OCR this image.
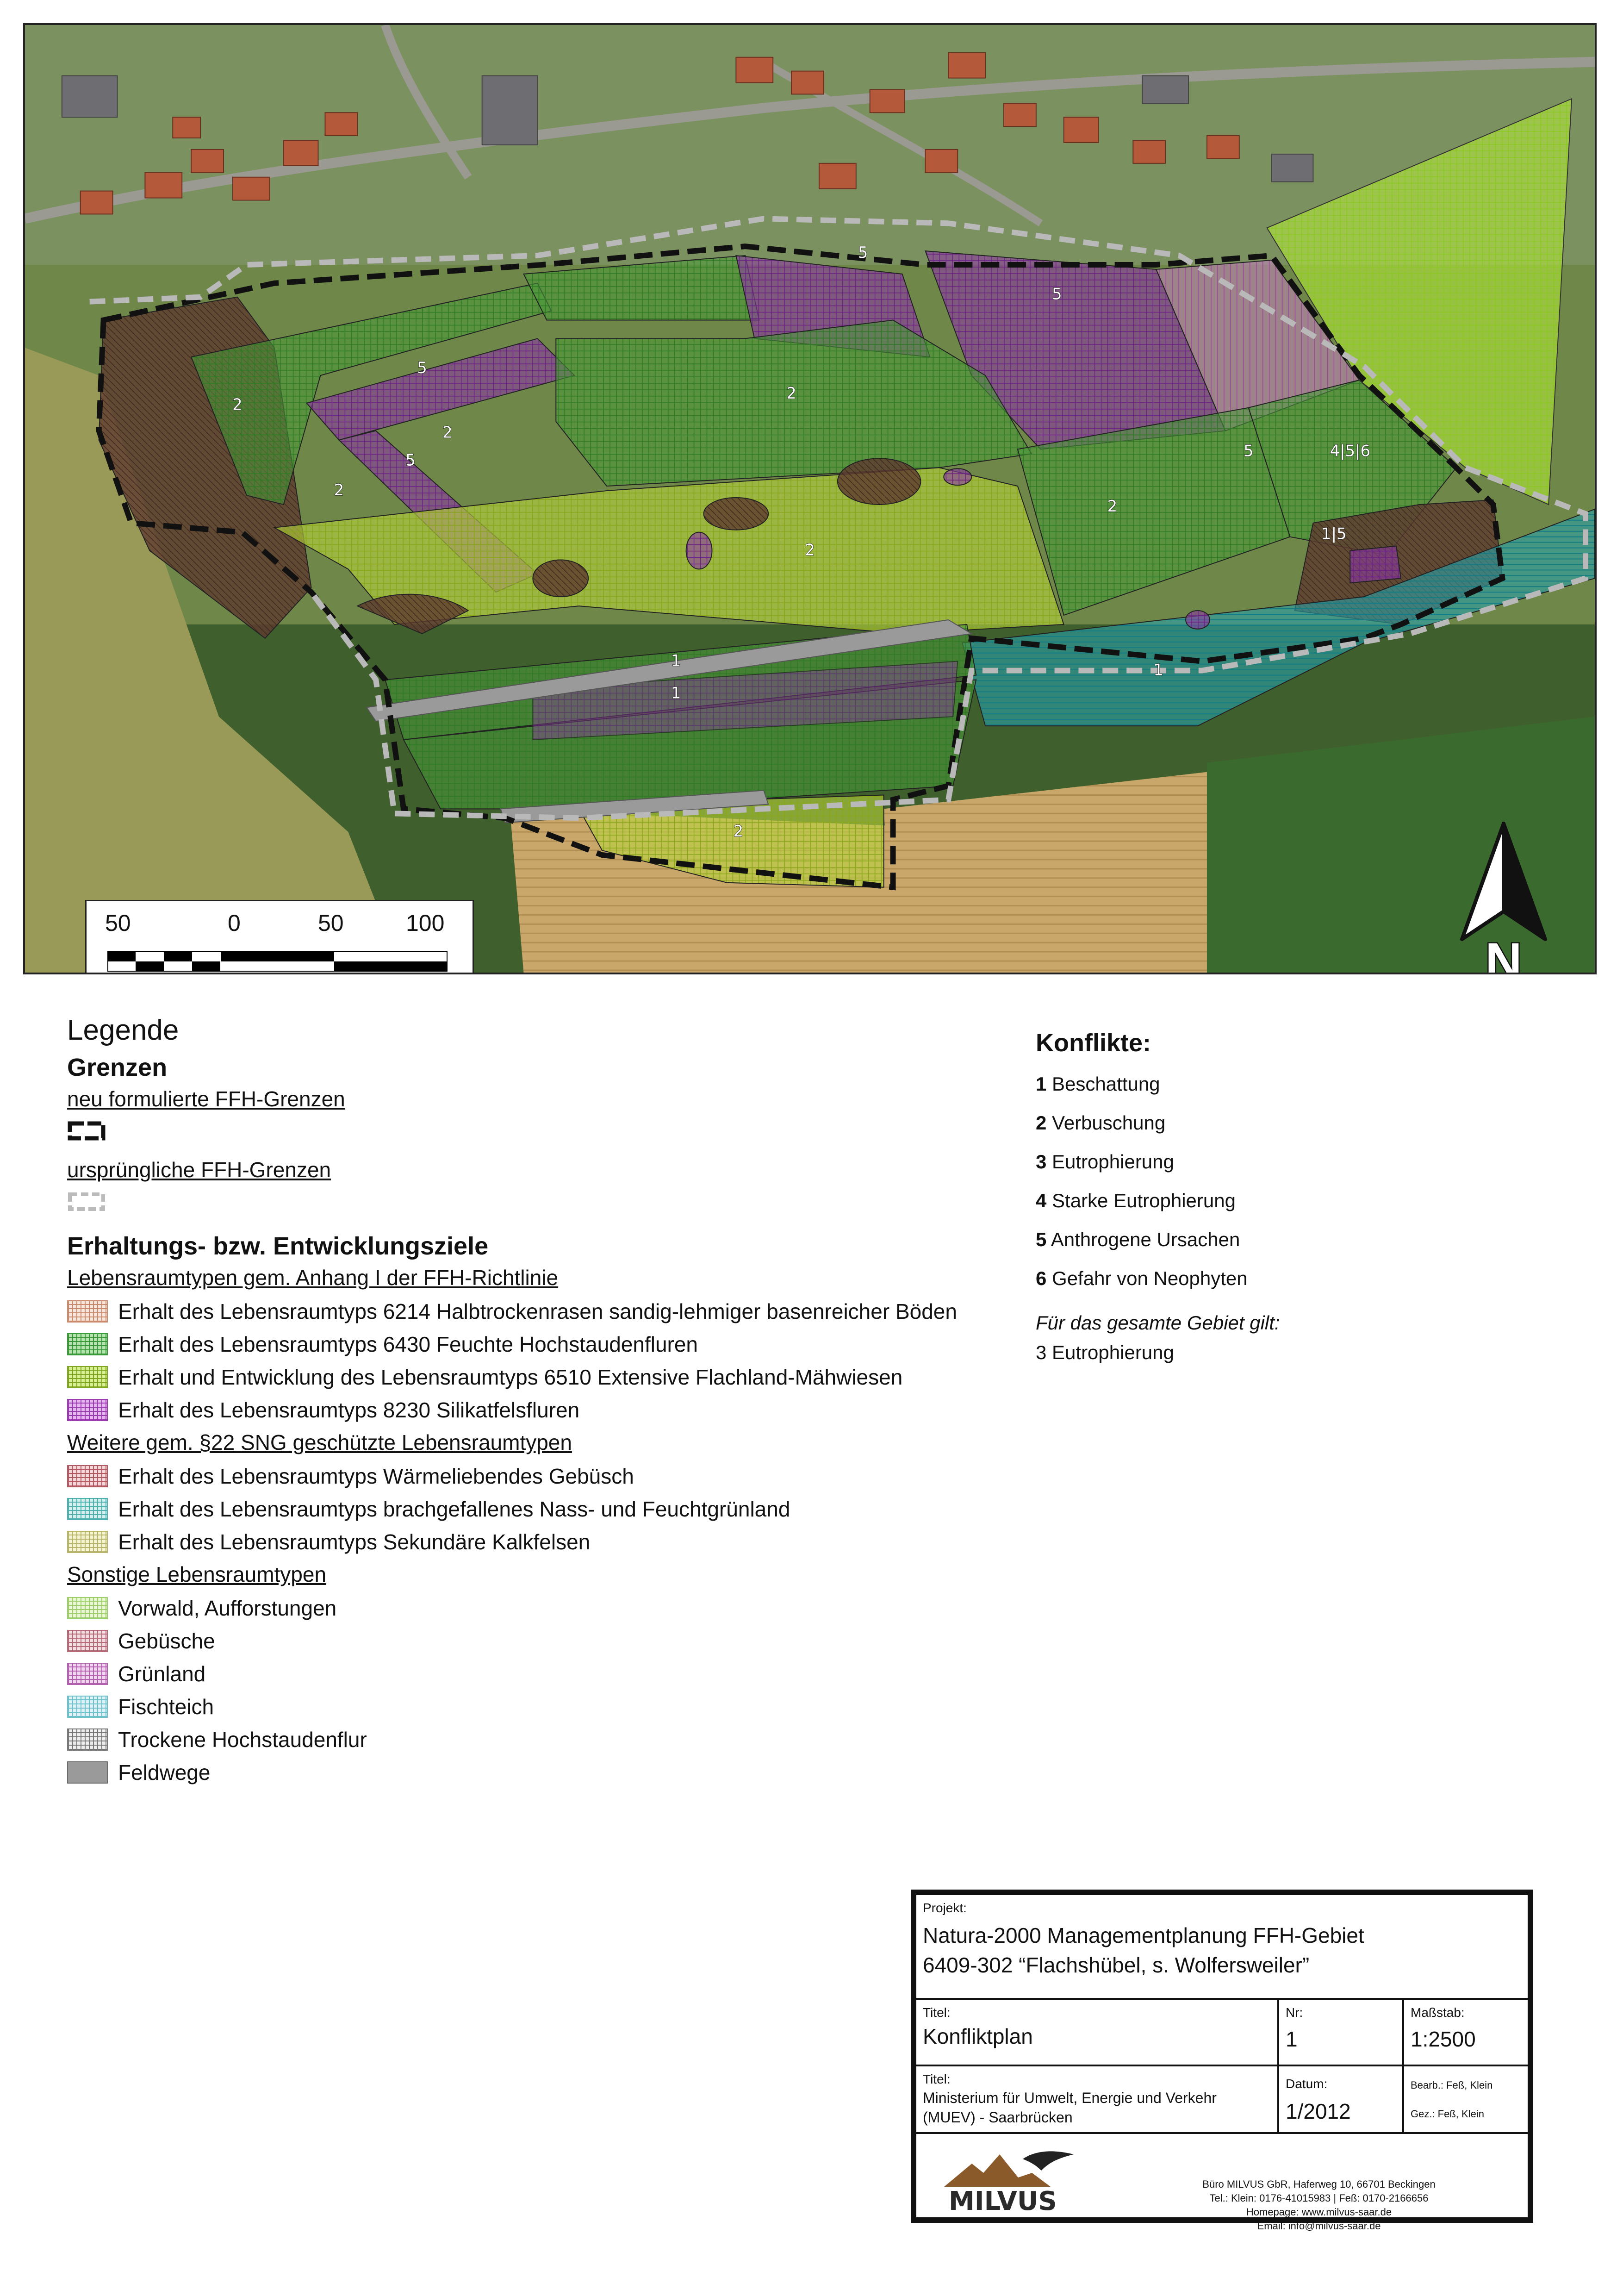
5
5
5
2
2
2
5
2
2
2
5	4|5|6
1|5
1
1
1
2
50	0	50	100
N
Legende
Grenzen
neu formulierte FFH-Grenzen
ursprüngliche FFH-Grenzen
Erhaltungs- bzw. Entwicklungsziele
Lebensraumtypen gem. Anhang I der FFH-Richtlinie
Erhalt des Lebensraumtyps 6214 Halbtrockenrasen sandig-lehmiger basenreicher Böden
Erhalt des Lebensraumtyps 6430 Feuchte Hochstaudenfluren
Erhalt und Entwicklung des Lebensraumtyps 6510 Extensive Flachland-Mähwiesen
Erhalt des Lebensraumtyps 8230 Silikatfelsfluren
Weitere gem. §22 SNG geschützte Lebensraumtypen
Erhalt des Lebensraumtyps Wärmeliebendes Gebüsch
Erhalt des Lebensraumtyps brachgefallenes Nass- und Feuchtgrünland
Erhalt des Lebensraumtyps Sekundäre Kalkfelsen
Sonstige Lebensraumtypen
Vorwald, Aufforstungen
Gebüsche
Grünland
Fischteich
Trockene Hochstaudenflur
Feldwege
Konflikte:
1 Beschattung
2 Verbuschung
3 Eutrophierung
4 Starke Eutrophierung
5 Anthrogene Ursachen
6 Gefahr von Neophyten
Für das gesamte Gebiet gilt:
3 Eutrophierung
Projekt:
Natura-2000 Managementplanung FFH-Gebiet
6409-302 “Flachshübel, s. Wolfersweiler”
Titel:
Konfliktplan
Nr:
1
Maßstab:
1:2500
Titel:
Ministerium für Umwelt, Energie und Verkehr
(MUEV) - Saarbrücken
Datum:
1/2012
Bearb.: Feß, Klein
Gez.: Feß, Klein
MILVUS
Büro MILVUS GbR, Haferweg 10, 66701 Beckingen
Tel.: Klein: 0176-41015983 | Feß: 0170-2166656
Homepage: www.milvus-saar.de
Email: info@milvus-saar.de
